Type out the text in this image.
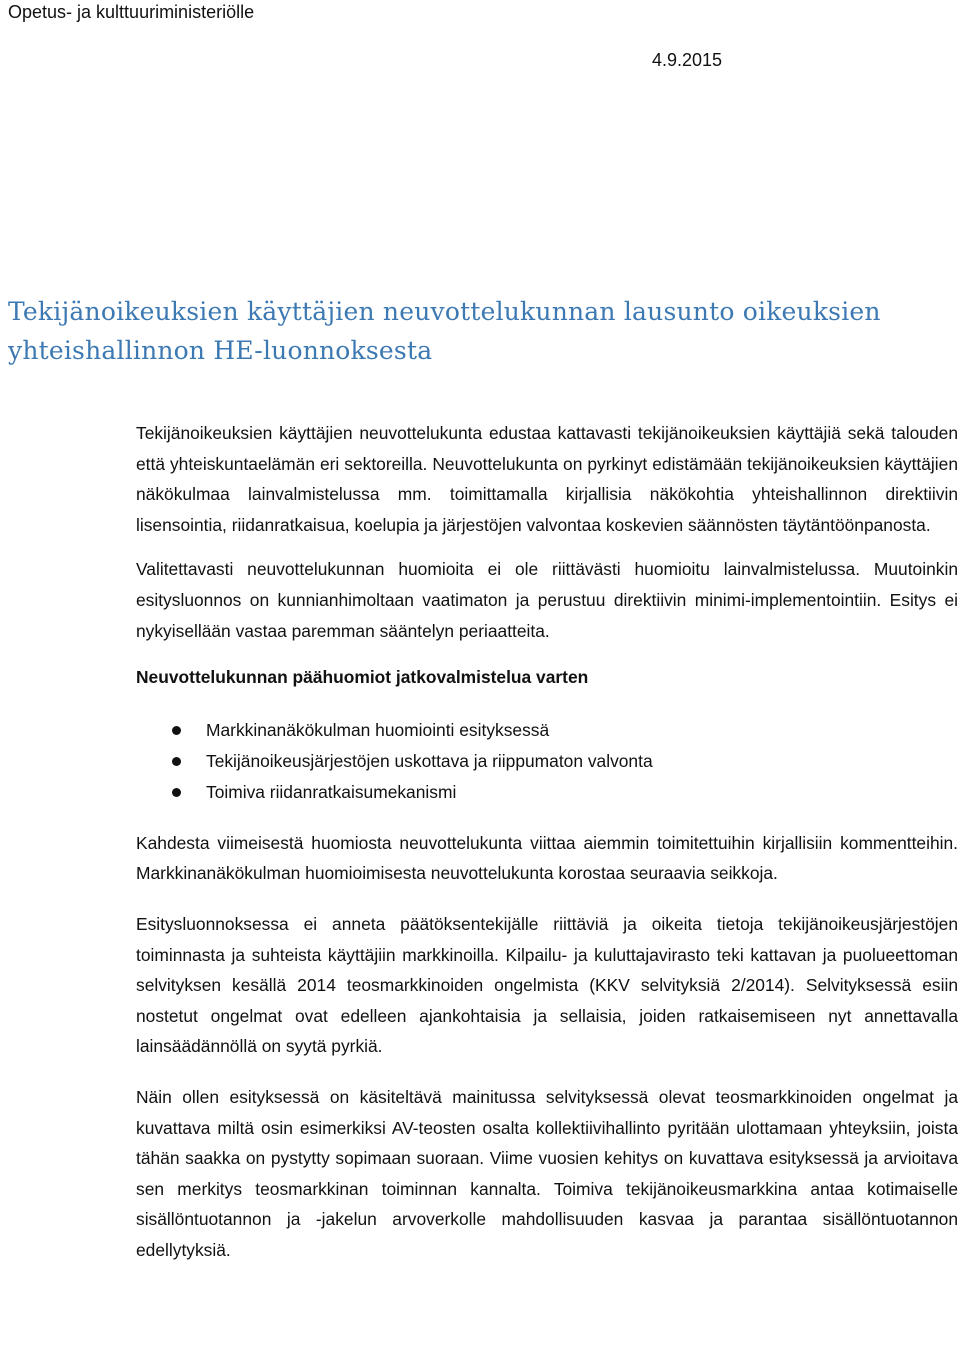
Opetus- ja kulttuuriministeriölle
4.9.2015
Tekijänoikeuksien käyttäjien neuvottelukunnan lausunto oikeuksien yhteishallinnon HE-luonnoksesta

Tekijänoikeuksien käyttäjien neuvottelukunta edustaa kattavasti tekijänoikeuksien käyttäjiä sekä talouden että yhteiskuntaelämän eri sektoreilla. Neuvottelukunta on pyrkinyt edistämään tekijänoikeuksien käyttäjien näkökulmaa lainvalmistelussa mm. toimittamalla kirjallisia näkökohtia yhteishallinnon direktiivin lisensointia, riidanratkaisua, koelupia ja järjestöjen valvontaa koskevien säännösten täytäntöönpanosta.

Valitettavasti neuvottelukunnan huomioita ei ole riittävästi huomioitu lainvalmistelussa. Muutoinkin esitysluonnos on kunnianhimoltaan vaatimaton ja perustuu direktiivin minimi-implementointiin. Esitys ei nykyisellään vastaa paremman sääntelyn periaatteita.

Neuvottelukunnan päähuomiot jatkovalmistelua varten

Markkinanäkökulman huomiointi esityksessä
Tekijänoikeusjärjestöjen uskottava ja riippumaton valvonta
Toimiva riidanratkaisumekanismi

Kahdesta viimeisestä huomiosta neuvottelukunta viittaa aiemmin toimitettuihin kirjallisiin kommentteihin. Markkinanäkökulman huomioimisesta neuvottelukunta korostaa seuraavia seikkoja.

Esitysluonnoksessa ei anneta päätöksentekijälle riittäviä ja oikeita tietoja tekijänoikeusjärjestöjen toiminnasta ja suhteista käyttäjiin markkinoilla. Kilpailu- ja kuluttajavirasto teki kattavan ja puolueettoman selvityksen kesällä 2014 teosmarkkinoiden ongelmista (KKV selvityksiä 2/2014). Selvityksessä esiin nostetut ongelmat ovat edelleen ajankohtaisia ja sellaisia, joiden ratkaisemiseen nyt annettavalla lainsäädännöllä on syytä pyrkiä.

Näin ollen esityksessä on käsiteltävä mainitussa selvityksessä olevat teosmarkkinoiden ongelmat ja kuvattava miltä osin esimerkiksi AV-teosten osalta kollektiivihallinto pyritään ulottamaan yhteyksiin, joista tähän saakka on pystytty sopimaan suoraan. Viime vuosien kehitys on kuvattava esityksessä ja arvioitava sen merkitys teosmarkkinan toiminnan kannalta. Toimiva tekijänoikeusmarkkina antaa kotimaiselle sisällöntuotannon ja -jakelun arvoverkolle mahdollisuuden kasvaa ja parantaa sisällöntuotannon edellytyksiä.
